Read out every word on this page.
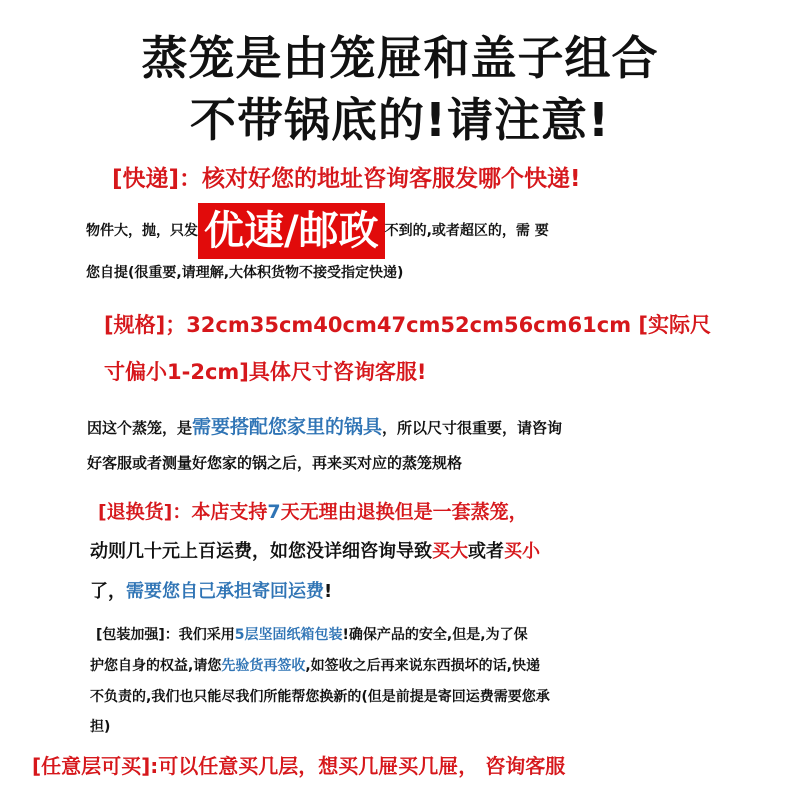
蒸笼是由笼屉和盖子组合
不带锅底的!请注意!
[快递]：核对好您的地址咨询客服发哪个快递!
物件大，抛，只发 优速/邮政 不到的,或者超区的，需 要
您自提(很重要,请理解,大体积货物不接受指定快递)
[规格]；32cm35cm40cm47cm52cm56cm61cm [实际尺
寸偏小1-2cm]具体尺寸咨询客服!
因这个蒸笼，是需要搭配您家里的锅具，所以尺寸很重要，请咨询
好客服或者测量好您家的锅之后，再来买对应的蒸笼规格
[退换货]：本店支持7天无理由退换但是一套蒸笼，
动则几十元上百运费，如您没详细咨询导致买大或者买小
了，需要您自己承担寄回运费!
[包装加强]：我们采用5层坚固纸箱包装!确保产品的安全,但是,为了保
护您自身的权益,请您先验货再签收,如签收之后再来说东西损坏的话,快递
不负责的,我们也只能尽我们所能帮您换新的(但是前提是寄回运费需要您承
担)
[任意层可买]:可以任意买几层，想买几屉买几屉， 咨询客服
